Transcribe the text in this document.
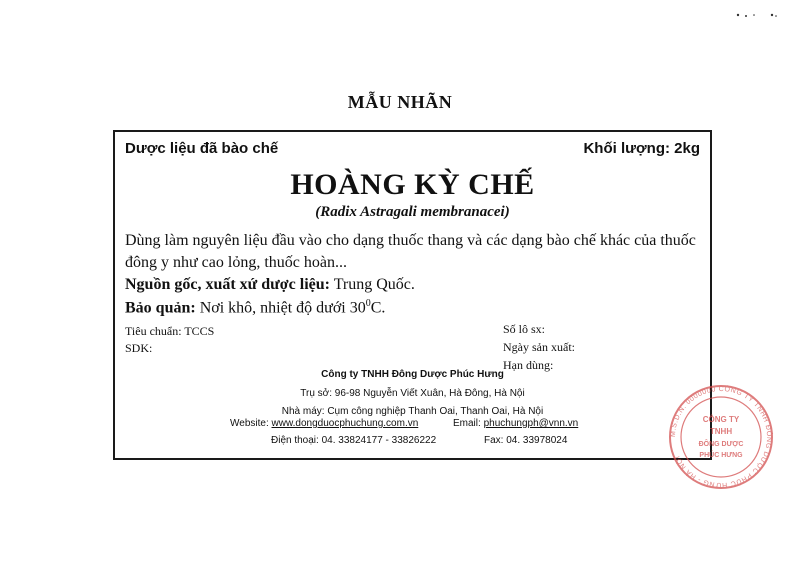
MẪU NHÃN
Dược liệu đã bào chế	Khối lượng: 2kg
HOÀNG KỲ CHẾ
(Radix Astragali membranacei)
Dùng làm nguyên liệu đầu vào cho dạng thuốc thang và các dạng bào chế khác của thuốc đông y như cao lỏng, thuốc hoàn...
Nguồn gốc, xuất xứ dược liệu: Trung Quốc.
Bảo quản: Nơi khô, nhiệt độ dưới $30^0C$.
Tiêu chuẩn: TCCS
SDK:
Số lô sx:
Ngày sản xuất:
Hạn dùng:
Công ty TNHH Đông Dược Phúc Hưng
Trụ sở: 96-98 Nguyễn Viết Xuân, Hà Đông, Hà Nội
Nhà máy: Cụm công nghiệp Thanh Oai, Thanh Oai, Hà Nội
Website: www.dongduocphuchung.com.vn	Email: phuchungph@vnn.vn
Điện thoại: 04. 33824177 - 33826222	Fax: 04. 33978024
M.S.D.N. 0000000 CÔNG TY TNHH ĐÔNG DƯỢC PHÚC HƯNG - HÀ NỘI
CÔNG TY
TNHH
ĐÔNG DƯỢC
PHÚC HƯNG
